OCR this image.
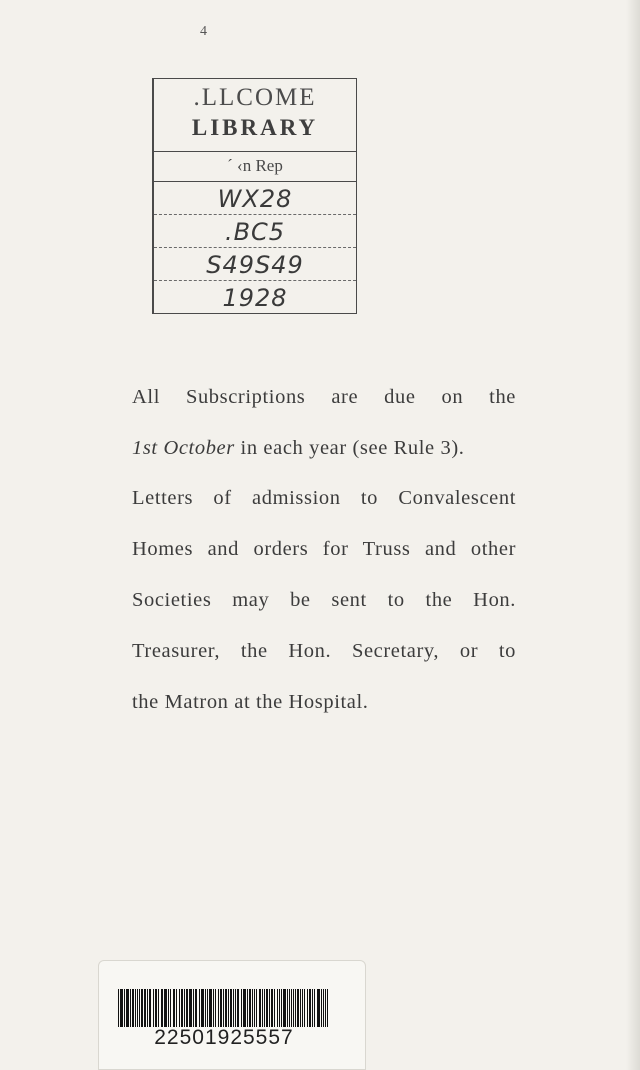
4
.LLCOME
LIBRARY
´ ‹n Rep
WX28
.BC5
S49S49
1928

All Subscriptions are due on the

1st October in each year (see Rule 3).

Letters of admission to Convalescent

Homes and orders for Truss and other

Societies may be sent to the Hon.

Treasurer, the Hon. Secretary, or to

the Matron at the Hospital.

22501925557
